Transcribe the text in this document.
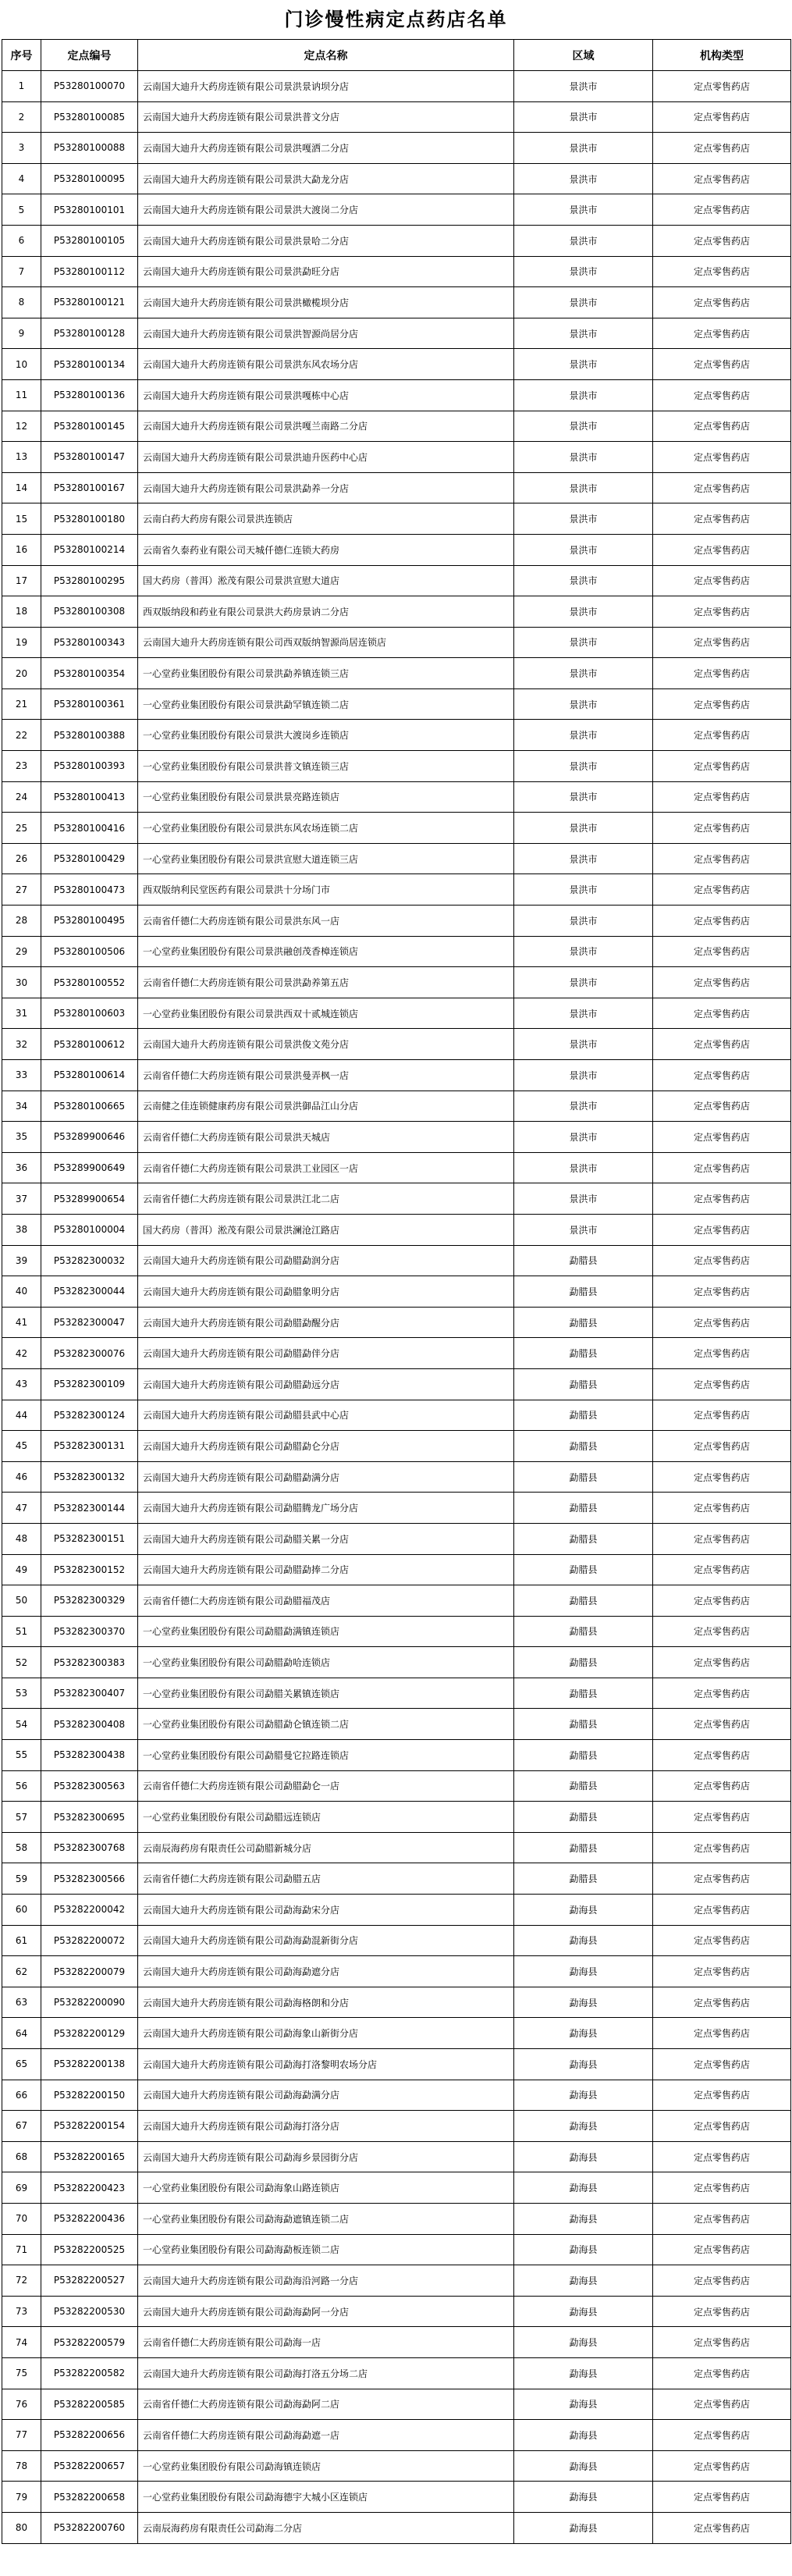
门诊慢性病定点药店名单
序号	定点编号	定点名称	区域	机构类型
1	P53280100070	云南国大迪升大药房连锁有限公司景洪景讷坝分店	景洪市	定点零售药店
2	P53280100085	云南国大迪升大药房连锁有限公司景洪普文分店	景洪市	定点零售药店
3	P53280100088	云南国大迪升大药房连锁有限公司景洪嘎洒二分店	景洪市	定点零售药店
4	P53280100095	云南国大迪升大药房连锁有限公司景洪大勐龙分店	景洪市	定点零售药店
5	P53280100101	云南国大迪升大药房连锁有限公司景洪大渡岗二分店	景洪市	定点零售药店
6	P53280100105	云南国大迪升大药房连锁有限公司景洪景哈二分店	景洪市	定点零售药店
7	P53280100112	云南国大迪升大药房连锁有限公司景洪勐旺分店	景洪市	定点零售药店
8	P53280100121	云南国大迪升大药房连锁有限公司景洪橄榄坝分店	景洪市	定点零售药店
9	P53280100128	云南国大迪升大药房连锁有限公司景洪智源尚居分店	景洪市	定点零售药店
10	P53280100134	云南国大迪升大药房连锁有限公司景洪东风农场分店	景洪市	定点零售药店
11	P53280100136	云南国大迪升大药房连锁有限公司景洪嘎栋中心店	景洪市	定点零售药店
12	P53280100145	云南国大迪升大药房连锁有限公司景洪嘎兰南路二分店	景洪市	定点零售药店
13	P53280100147	云南国大迪升大药房连锁有限公司景洪迪升医药中心店	景洪市	定点零售药店
14	P53280100167	云南国大迪升大药房连锁有限公司景洪勐养一分店	景洪市	定点零售药店
15	P53280100180	云南白药大药房有限公司景洪连锁店	景洪市	定点零售药店
16	P53280100214	云南省久泰药业有限公司天城仟德仁连锁大药房	景洪市	定点零售药店
17	P53280100295	国大药房（普洱）淞茂有限公司景洪宣慰大道店	景洪市	定点零售药店
18	P53280100308	西双版纳段和药业有限公司景洪大药房景讷二分店	景洪市	定点零售药店
19	P53280100343	云南国大迪升大药房连锁有限公司西双版纳智源尚居连锁店	景洪市	定点零售药店
20	P53280100354	一心堂药业集团股份有限公司景洪勐养镇连锁三店	景洪市	定点零售药店
21	P53280100361	一心堂药业集团股份有限公司景洪勐罕镇连锁二店	景洪市	定点零售药店
22	P53280100388	一心堂药业集团股份有限公司景洪大渡岗乡连锁店	景洪市	定点零售药店
23	P53280100393	一心堂药业集团股份有限公司景洪普文镇连锁三店	景洪市	定点零售药店
24	P53280100413	一心堂药业集团股份有限公司景洪景亮路连锁店	景洪市	定点零售药店
25	P53280100416	一心堂药业集团股份有限公司景洪东风农场连锁二店	景洪市	定点零售药店
26	P53280100429	一心堂药业集团股份有限公司景洪宣慰大道连锁三店	景洪市	定点零售药店
27	P53280100473	西双版纳利民堂医药有限公司景洪十分场门市	景洪市	定点零售药店
28	P53280100495	云南省仟德仁大药房连锁有限公司景洪东风一店	景洪市	定点零售药店
29	P53280100506	一心堂药业集团股份有限公司景洪融创茂香樟连锁店	景洪市	定点零售药店
30	P53280100552	云南省仟德仁大药房连锁有限公司景洪勐养第五店	景洪市	定点零售药店
31	P53280100603	一心堂药业集团股份有限公司景洪西双十贰城连锁店	景洪市	定点零售药店
32	P53280100612	云南国大迪升大药房连锁有限公司景洪俊文苑分店	景洪市	定点零售药店
33	P53280100614	云南省仟德仁大药房连锁有限公司景洪曼弄枫一店	景洪市	定点零售药店
34	P53280100665	云南健之佳连锁健康药房有限公司景洪御品江山分店	景洪市	定点零售药店
35	P53289900646	云南省仟德仁大药房连锁有限公司景洪天城店	景洪市	定点零售药店
36	P53289900649	云南省仟德仁大药房连锁有限公司景洪工业园区一店	景洪市	定点零售药店
37	P53289900654	云南省仟德仁大药房连锁有限公司景洪江北二店	景洪市	定点零售药店
38	P53280100004	国大药房（普洱）淞茂有限公司景洪澜沧江路店	景洪市	定点零售药店
39	P53282300032	云南国大迪升大药房连锁有限公司勐腊勐润分店	勐腊县	定点零售药店
40	P53282300044	云南国大迪升大药房连锁有限公司勐腊象明分店	勐腊县	定点零售药店
41	P53282300047	云南国大迪升大药房连锁有限公司勐腊勐醒分店	勐腊县	定点零售药店
42	P53282300076	云南国大迪升大药房连锁有限公司勐腊勐伴分店	勐腊县	定点零售药店
43	P53282300109	云南国大迪升大药房连锁有限公司勐腊勐远分店	勐腊县	定点零售药店
44	P53282300124	云南国大迪升大药房连锁有限公司勐腊县武中心店	勐腊县	定点零售药店
45	P53282300131	云南国大迪升大药房连锁有限公司勐腊勐仑分店	勐腊县	定点零售药店
46	P53282300132	云南国大迪升大药房连锁有限公司勐腊勐满分店	勐腊县	定点零售药店
47	P53282300144	云南国大迪升大药房连锁有限公司勐腊腾龙广场分店	勐腊县	定点零售药店
48	P53282300151	云南国大迪升大药房连锁有限公司勐腊关累一分店	勐腊县	定点零售药店
49	P53282300152	云南国大迪升大药房连锁有限公司勐腊勐捧二分店	勐腊县	定点零售药店
50	P53282300329	云南省仟德仁大药房连锁有限公司勐腊福茂店	勐腊县	定点零售药店
51	P53282300370	一心堂药业集团股份有限公司勐腊勐满镇连锁店	勐腊县	定点零售药店
52	P53282300383	一心堂药业集团股份有限公司勐腊勐哈连锁店	勐腊县	定点零售药店
53	P53282300407	一心堂药业集团股份有限公司勐腊关累镇连锁店	勐腊县	定点零售药店
54	P53282300408	一心堂药业集团股份有限公司勐腊勐仑镇连锁二店	勐腊县	定点零售药店
55	P53282300438	一心堂药业集团股份有限公司勐腊曼它拉路连锁店	勐腊县	定点零售药店
56	P53282300563	云南省仟德仁大药房连锁有限公司勐腊勐仑一店	勐腊县	定点零售药店
57	P53282300695	一心堂药业集团股份有限公司勐腊远连锁店	勐腊县	定点零售药店
58	P53282300768	云南辰海药房有限责任公司勐腊新城分店	勐腊县	定点零售药店
59	P53282300566	云南省仟德仁大药房连锁有限公司勐腊五店	勐腊县	定点零售药店
60	P53282200042	云南国大迪升大药房连锁有限公司勐海勐宋分店	勐海县	定点零售药店
61	P53282200072	云南国大迪升大药房连锁有限公司勐海勐混新街分店	勐海县	定点零售药店
62	P53282200079	云南国大迪升大药房连锁有限公司勐海勐遮分店	勐海县	定点零售药店
63	P53282200090	云南国大迪升大药房连锁有限公司勐海格朗和分店	勐海县	定点零售药店
64	P53282200129	云南国大迪升大药房连锁有限公司勐海象山新街分店	勐海县	定点零售药店
65	P53282200138	云南国大迪升大药房连锁有限公司勐海打洛黎明农场分店	勐海县	定点零售药店
66	P53282200150	云南国大迪升大药房连锁有限公司勐海勐满分店	勐海县	定点零售药店
67	P53282200154	云南国大迪升大药房连锁有限公司勐海打洛分店	勐海县	定点零售药店
68	P53282200165	云南国大迪升大药房连锁有限公司勐海乡景园街分店	勐海县	定点零售药店
69	P53282200423	一心堂药业集团股份有限公司勐海象山路连锁店	勐海县	定点零售药店
70	P53282200436	一心堂药业集团股份有限公司勐海勐遮镇连锁二店	勐海县	定点零售药店
71	P53282200525	一心堂药业集团股份有限公司勐海勐板连锁二店	勐海县	定点零售药店
72	P53282200527	云南国大迪升大药房连锁有限公司勐海沿河路一分店	勐海县	定点零售药店
73	P53282200530	云南国大迪升大药房连锁有限公司勐海勐阿一分店	勐海县	定点零售药店
74	P53282200579	云南省仟德仁大药房连锁有限公司勐海一店	勐海县	定点零售药店
75	P53282200582	云南国大迪升大药房连锁有限公司勐海打洛五分场二店	勐海县	定点零售药店
76	P53282200585	云南省仟德仁大药房连锁有限公司勐海勐阿二店	勐海县	定点零售药店
77	P53282200656	云南省仟德仁大药房连锁有限公司勐海勐遮一店	勐海县	定点零售药店
78	P53282200657	一心堂药业集团股份有限公司勐海镇连锁店	勐海县	定点零售药店
79	P53282200658	一心堂药业集团股份有限公司勐海德宇大城小区连锁店	勐海县	定点零售药店
80	P53282200760	云南辰海药房有限责任公司勐海二分店	勐海县	定点零售药店
